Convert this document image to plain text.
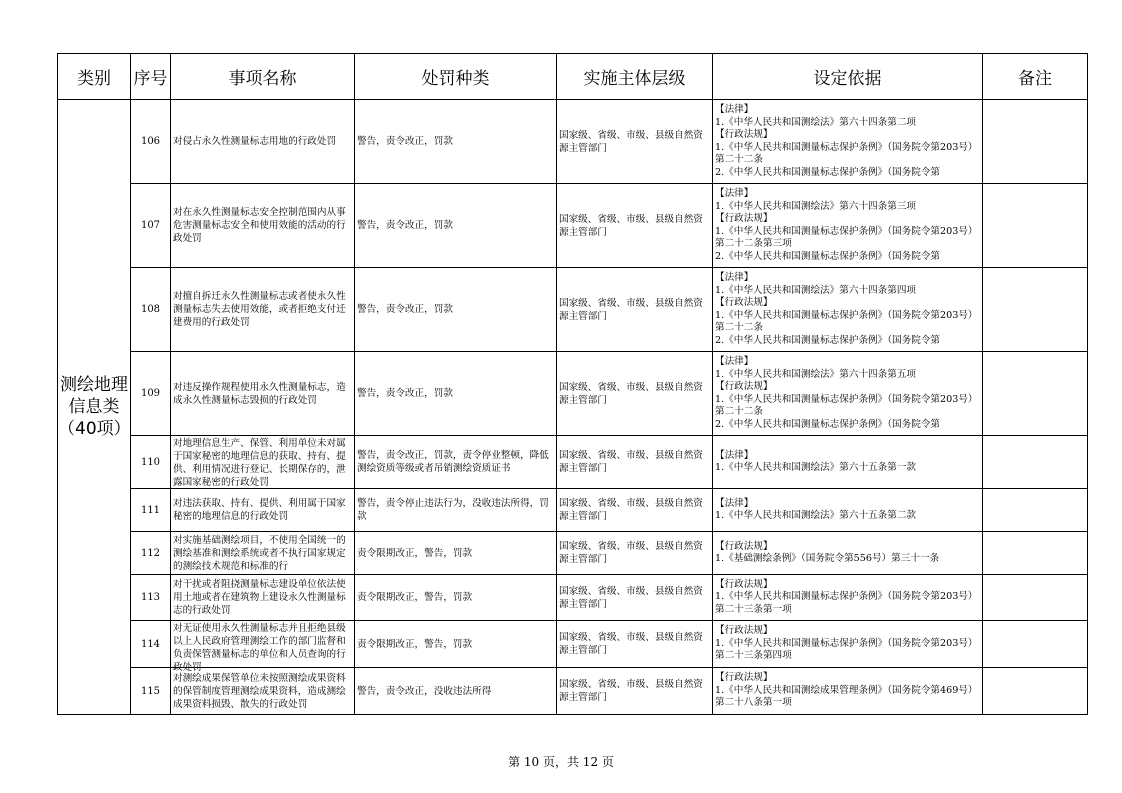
类别	序号	事项名称	处罚种类	实施主体层级	设定依据	备注
测绘地理信息类（40项）	106	对侵占永久性测量标志用地的行政处罚	警告，责令改正，罚款	国家级、省级、市级、县级自然资源主管部门	【法律】
1.《中华人民共和国测绘法》第六十四条第二项
【行政法规】
1.《中华人民共和国测量标志保护条例》（国务院令第203号）第二十二条
2.《中华人民共和国测量标志保护条例》（国务院令第	

	107	对在永久性测量标志安全控制范围内从事危害测量标志安全和使用效能的活动的行政处罚	警告，责令改正，罚款	国家级、省级、市级、县级自然资源主管部门	【法律】
1.《中华人民共和国测绘法》第六十四条第三项
【行政法规】
1.《中华人民共和国测量标志保护条例》（国务院令第203号）第二十二条第三项
2.《中华人民共和国测量标志保护条例》（国务院令第	

	108	对擅自拆迁永久性测量标志或者使永久性测量标志失去使用效能，或者拒绝支付迁建费用的行政处罚	警告，责令改正，罚款	国家级、省级、市级、县级自然资源主管部门	【法律】
1.《中华人民共和国测绘法》第六十四条第四项
【行政法规】
1.《中华人民共和国测量标志保护条例》（国务院令第203号）第二十二条
2.《中华人民共和国测量标志保护条例》（国务院令第	

	109	对违反操作规程使用永久性测量标志，造成永久性测量标志毁损的行政处罚	警告，责令改正，罚款	国家级、省级、市级、县级自然资源主管部门	【法律】
1.《中华人民共和国测绘法》第六十四条第五项
【行政法规】
1.《中华人民共和国测量标志保护条例》（国务院令第203号）第二十二条
2.《中华人民共和国测量标志保护条例》（国务院令第	

	110	对地理信息生产、保管、利用单位未对属于国家秘密的地理信息的获取、持有、提供、利用情况进行登记、长期保存的，泄露国家秘密的行政处罚	警告，责令改正，罚款，责令停业整顿，降低测绘资质等级或者吊销测绘资质证书	国家级、省级、市级、县级自然资源主管部门	【法律】
1.《中华人民共和国测绘法》第六十五条第一款	

	111	对违法获取、持有、提供、利用属于国家秘密的地理信息的行政处罚	警告，责令停止违法行为，没收违法所得，罚款	国家级、省级、市级、县级自然资源主管部门	【法律】
1.《中华人民共和国测绘法》第六十五条第二款	

	112	对实施基础测绘项目，不使用全国统一的测绘基准和测绘系统或者不执行国家规定的测绘技术规范和标准的行	责令限期改正，警告，罚款	国家级、省级、市级、县级自然资源主管部门	【行政法规】
1.《基础测绘条例》（国务院令第556号）第三十一条	

	113	对干扰或者阻挠测量标志建设单位依法使用土地或者在建筑物上建设永久性测量标志的行政处罚	责令限期改正，警告，罚款	国家级、省级、市级、县级自然资源主管部门	【行政法规】
1.《中华人民共和国测量标志保护条例》（国务院令第203号）第二十三条第一项	

	114	对无证使用永久性测量标志并且拒绝县级以上人民政府管理测绘工作的部门监督和负责保管测量标志的单位和人员查询的行政处罚	责令限期改正，警告，罚款	国家级、省级、市级、县级自然资源主管部门	【行政法规】
1.《中华人民共和国测量标志保护条例》（国务院令第203号）第二十三条第四项	

	115	对测绘成果保管单位未按照测绘成果资料的保管制度管理测绘成果资料，造成测绘成果资料损毁、散失的行政处罚	警告，责令改正，没收违法所得	国家级、省级、市级、县级自然资源主管部门	【行政法规】
1.《中华人民共和国测绘成果管理条例》（国务院令第469号）第二十八条第一项	

第 10 页，共 12 页
